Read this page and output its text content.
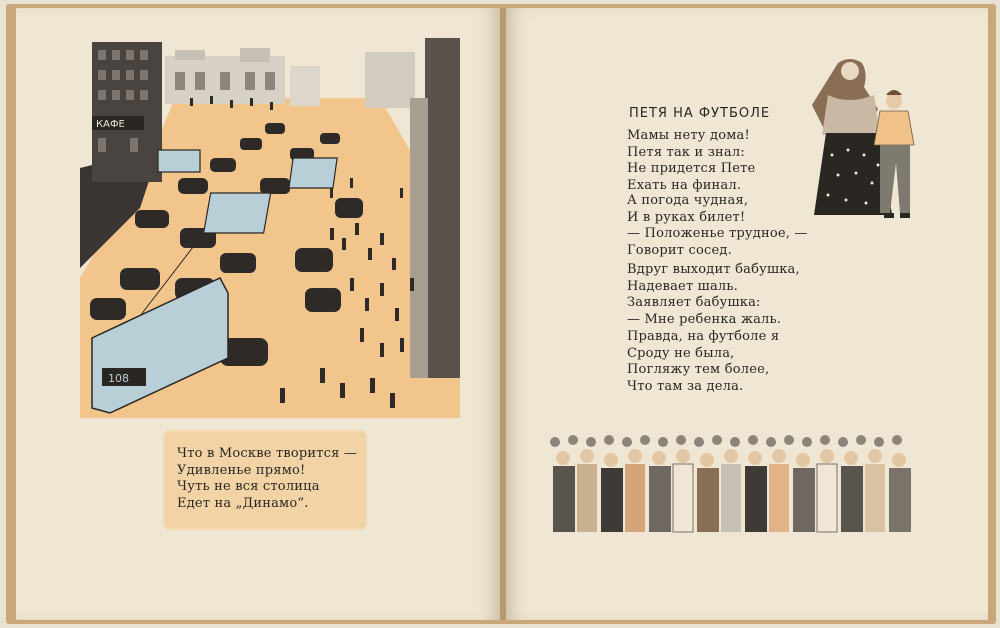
КАФЕ
108
Что в Москве творится —
Удивленье прямо!
Чуть не вся столица
Едет на „Динамо“.
ПЕТЯ НА ФУТБОЛЕ
Мамы нету дома!
Петя так и знал:
Не придется Пете
Ехать на финал.
А погода чудная,
И в руках билет!
— Положенье трудное, —
Говорит сосед.
Вдруг выходит бабушка,
Надевает шаль.
Заявляет бабушка:
— Мне ребенка жаль.
Правда, на футболе я
Сроду не была,
Погляжу тем более,
Что там за дела.
